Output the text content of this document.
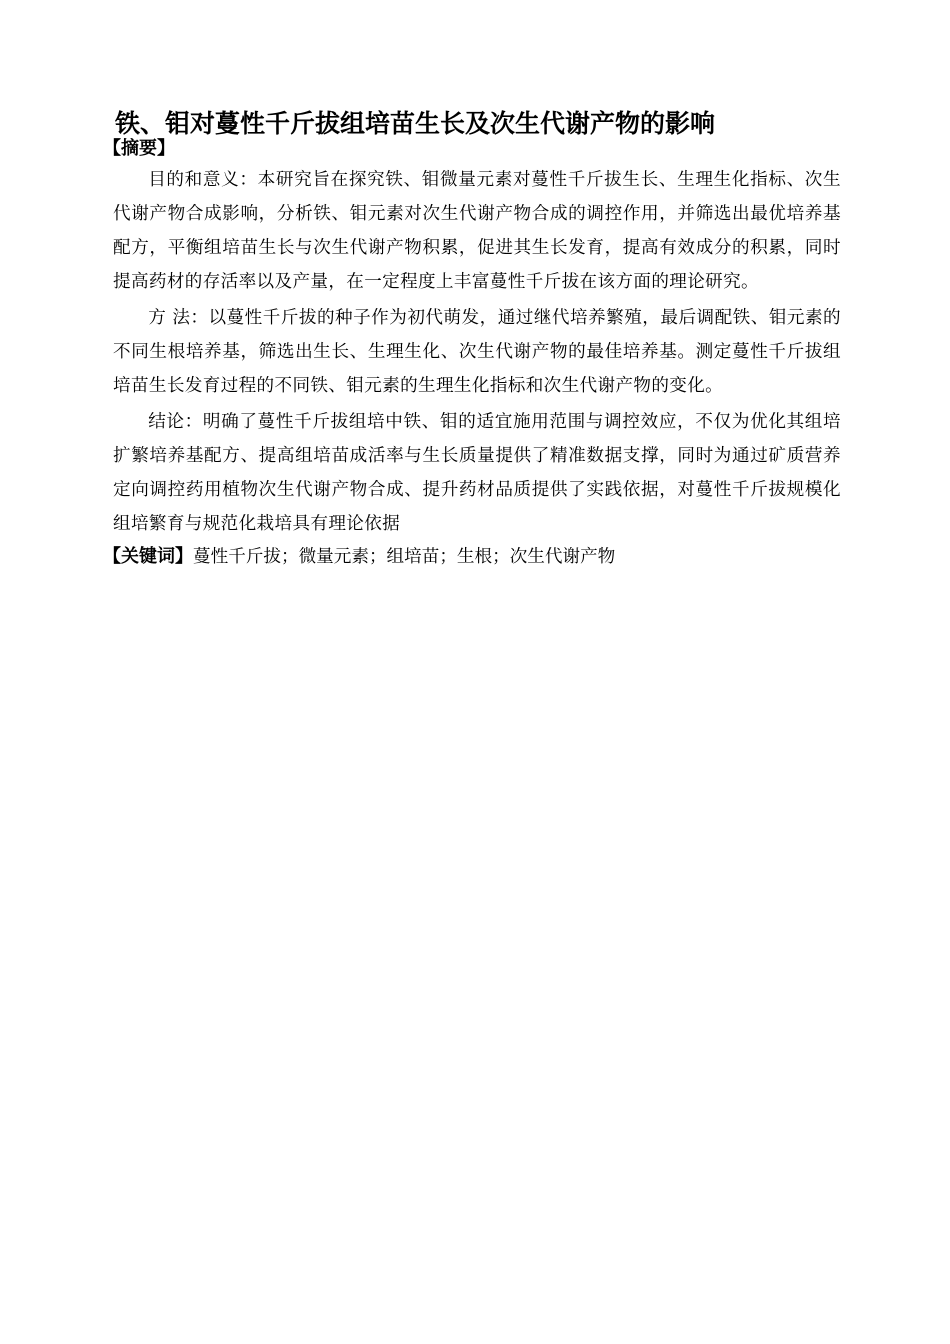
铁、钼对蔓性千斤拔组培苗生长及次生代谢产物的影响
【摘要】

目的和意义：本研究旨在探究铁、钼微量元素对蔓性千斤拔生长、生理生化指标、次生代谢产物合成影响，分析铁、钼元素对次生代谢产物合成的调控作用，并筛选出最优培养基配方，平衡组培苗生长与次生代谢产物积累，促进其生长发育，提高有效成分的积累，同时提高药材的存活率以及产量，在一定程度上丰富蔓性千斤拔在该方面的理论研究。

方 法：以蔓性千斤拔的种子作为初代萌发，通过继代培养繁殖，最后调配铁、钼元素的不同生根培养基，筛选出生长、生理生化、次生代谢产物的最佳培养基。测定蔓性千斤拔组培苗生长发育过程的不同铁、钼元素的生理生化指标和次生代谢产物的变化。

结论：明确了蔓性千斤拔组培中铁、钼的适宜施用范围与调控效应，不仅为优化其组培扩繁培养基配方、提高组培苗成活率与生长质量提供了精准数据支撑，同时为通过矿质营养定向调控药用植物次生代谢产物合成、提升药材品质提供了实践依据，对蔓性千斤拔规模化组培繁育与规范化栽培具有理论依据

【关键词】蔓性千斤拔；微量元素；组培苗；生根；次生代谢产物
